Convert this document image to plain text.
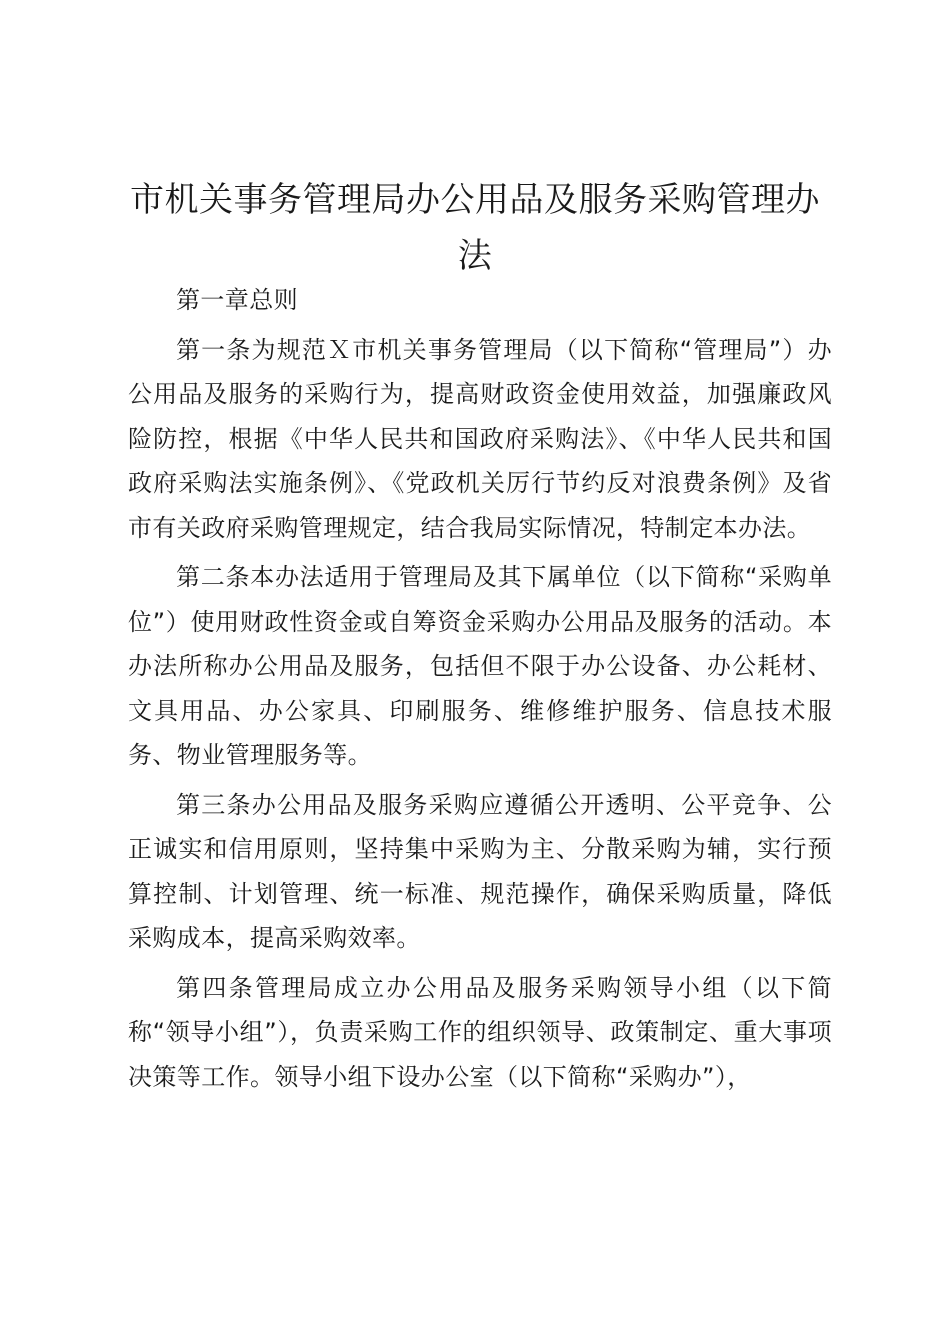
市机关事务管理局办公用品及服务采购管理办法

第一章总则

第一条为规范Ｘ市机关事务管理局（以下简称“管理局”）办公用品及服务的采购行为，提高财政资金使用效益，加强廉政风险防控，根据《中华人民共和国政府采购法》、《中华人民共和国政府采购法实施条例》、《党政机关厉行节约反对浪费条例》及省市有关政府采购管理规定，结合我局实际情况，特制定本办法。

第二条本办法适用于管理局及其下属单位（以下简称“采购单位”）使用财政性资金或自筹资金采购办公用品及服务的活动。本办法所称办公用品及服务，包括但不限于办公设备、办公耗材、文具用品、办公家具、印刷服务、维修维护服务、信息技术服务、物业管理服务等。

第三条办公用品及服务采购应遵循公开透明、公平竞争、公正诚实和信用原则，坚持集中采购为主、分散采购为辅，实行预算控制、计划管理、统一标准、规范操作，确保采购质量，降低采购成本，提高采购效率。

第四条管理局成立办公用品及服务采购领导小组（以下简称“领导小组”），负责采购工作的组织领导、政策制定、重大事项决策等工作。领导小组下设办公室（以下简称“采购办”），
